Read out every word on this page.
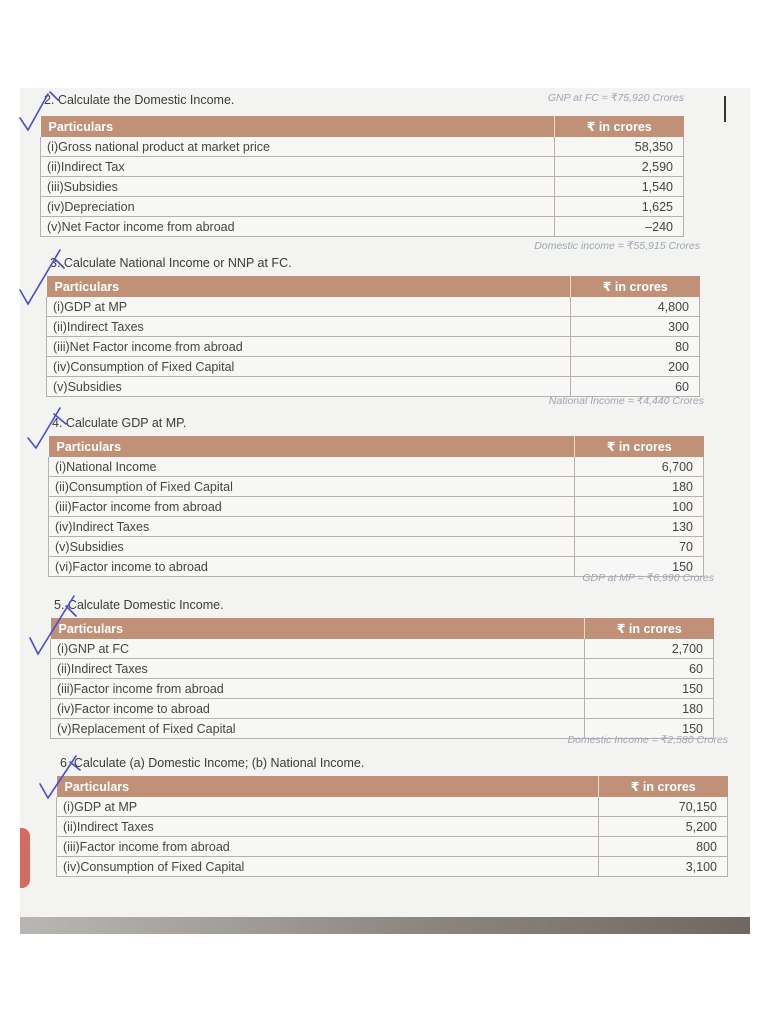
2. Calculate the Domestic Income.	GNP at FC = ₹75,920 Crores
Particulars	₹ in crores
(i)Gross national product at market price	58,350
(ii)Indirect Tax	2,590
(iii)Subsidies	1,540
(iv)Depreciation	1,625
(v)Net Factor income from abroad	–240
Domestic income = ₹55,915 Crores
3. Calculate National Income or NNP at FC.
Particulars	₹ in crores
(i)GDP at MP	4,800
(ii)Indirect Taxes	300
(iii)Net Factor income from abroad	80
(iv)Consumption of Fixed Capital	200
(v)Subsidies	60
National Income = ₹4,440 Crores
4. Calculate GDP at MP.
Particulars	₹ in crores
(i)National Income	6,700
(ii)Consumption of Fixed Capital	180
(iii)Factor income from abroad	100
(iv)Indirect Taxes	130
(v)Subsidies	70
(vi)Factor income to abroad	150
GDP at MP = ₹6,990 Crores
5. Calculate Domestic Income.
Particulars	₹ in crores
(i)GNP at FC	2,700
(ii)Indirect Taxes	60
(iii)Factor income from abroad	150
(iv)Factor income to abroad	180
(v)Replacement of Fixed Capital	150
Domestic Income = ₹2,580 Crores
6. Calculate (a) Domestic Income; (b) National Income.
Particulars	₹ in crores
(i)GDP at MP	70,150
(ii)Indirect Taxes	5,200
(iii)Factor income from abroad	800
(iv)Consumption of Fixed Capital	3,100
